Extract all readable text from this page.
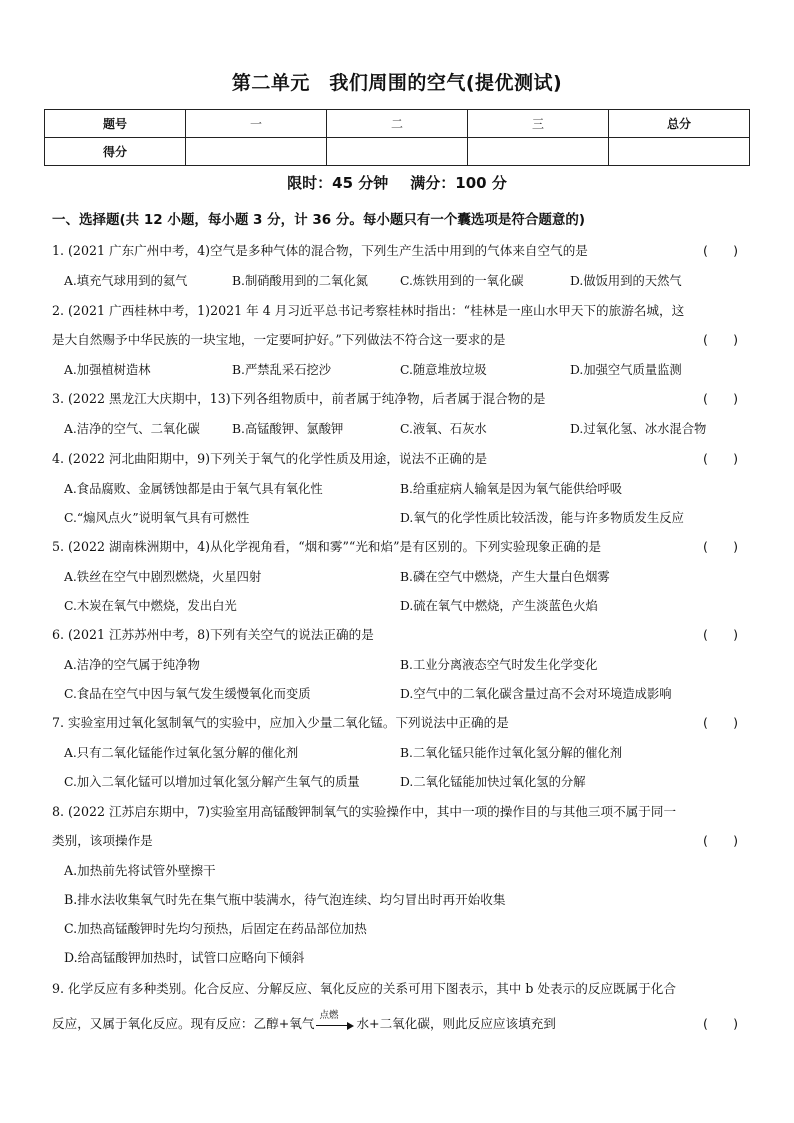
第二单元　我们周围的空气(提优测试)
题号	一	二	三	总分
得分				
限时：45 分钟 满分：100 分
一、选择题(共 12 小题，每小题 3 分，计 36 分。每小题只有一个囊选项是符合题意的)
1. (2021 广东广州中考，4)空气是多种气体的混合物，下列生产生活中用到的气体来自空气的是	(　　)
A.填充气球用到的氦气	B.制硝酸用到的二氧化氮	C.炼铁用到的一氧化碳	D.做饭用到的天然气
2. (2021 广西桂林中考，1)2021 年 4 月习近平总书记考察桂林时指出：“桂林是一座山水甲天下的旅游名城，这
是大自然赐予中华民族的一块宝地，一定要呵护好。”下列做法不符合这一要求的是	(　　)
A.加强植树造林	B.严禁乱采石挖沙	C.随意堆放垃圾	D.加强空气质量监测
3. (2022 黑龙江大庆期中，13)下列各组物质中，前者属于纯净物，后者属于混合物的是	(　　)
A.洁净的空气、二氧化碳	B.高锰酸钾、氯酸钾	C.液氧、石灰水	D.过氧化氢、冰水混合物
4. (2022 河北曲阳期中，9)下列关于氧气的化学性质及用途，说法不正确的是	(　　)
A.食品腐败、金属锈蚀都是由于氧气具有氧化性	B.给重症病人输氧是因为氧气能供给呼吸
C.“煽风点火”说明氧气具有可燃性	D.氧气的化学性质比较活泼，能与许多物质发生反应
5. (2022 湖南株洲期中，4)从化学视角看，“烟和雾”“光和焰”是有区别的。下列实验现象正确的是	(　　)
A.铁丝在空气中剧烈燃烧，火星四射	B.磷在空气中燃烧，产生大量白色烟雾
C.木炭在氧气中燃烧，发出白光	D.硫在氧气中燃烧，产生淡蓝色火焰
6. (2021 江苏苏州中考，8)下列有关空气的说法正确的是	(　　)
A.洁净的空气属于纯净物	B.工业分离液态空气时发生化学变化
C.食品在空气中因与氧气发生缓慢氧化而变质	D.空气中的二氧化碳含量过高不会对环境造成影响
7. 实验室用过氧化氢制氧气的实验中，应加入少量二氧化锰。下列说法中正确的是	(　　)
A.只有二氧化锰能作过氧化氢分解的催化剂	B.二氧化锰只能作过氧化氢分解的催化剂
C.加入二氧化锰可以增加过氧化氢分解产生氧气的质量	D.二氧化锰能加快过氧化氢的分解
8. (2022 江苏启东期中，7)实验室用高锰酸钾制氧气的实验操作中，其中一项的操作目的与其他三项不属于同一
类别，该项操作是	(　　)
A.加热前先将试管外壁擦干
B.排水法收集氧气时先在集气瓶中装满水，待气泡连续、均匀冒出时再开始收集
C.加热高锰酸钾时先均匀预热，后固定在药品部位加热
D.给高锰酸钾加热时，试管口应略向下倾斜
9. 化学反应有多种类别。化合反应、分解反应、氧化反应的关系可用下图表示，其中 b 处表示的反应既属于化合
反应，又属于氧化反应。现有反应：乙醇+氧气
点燃
水+二氧化碳，则此反应应该填充到	(　　)
